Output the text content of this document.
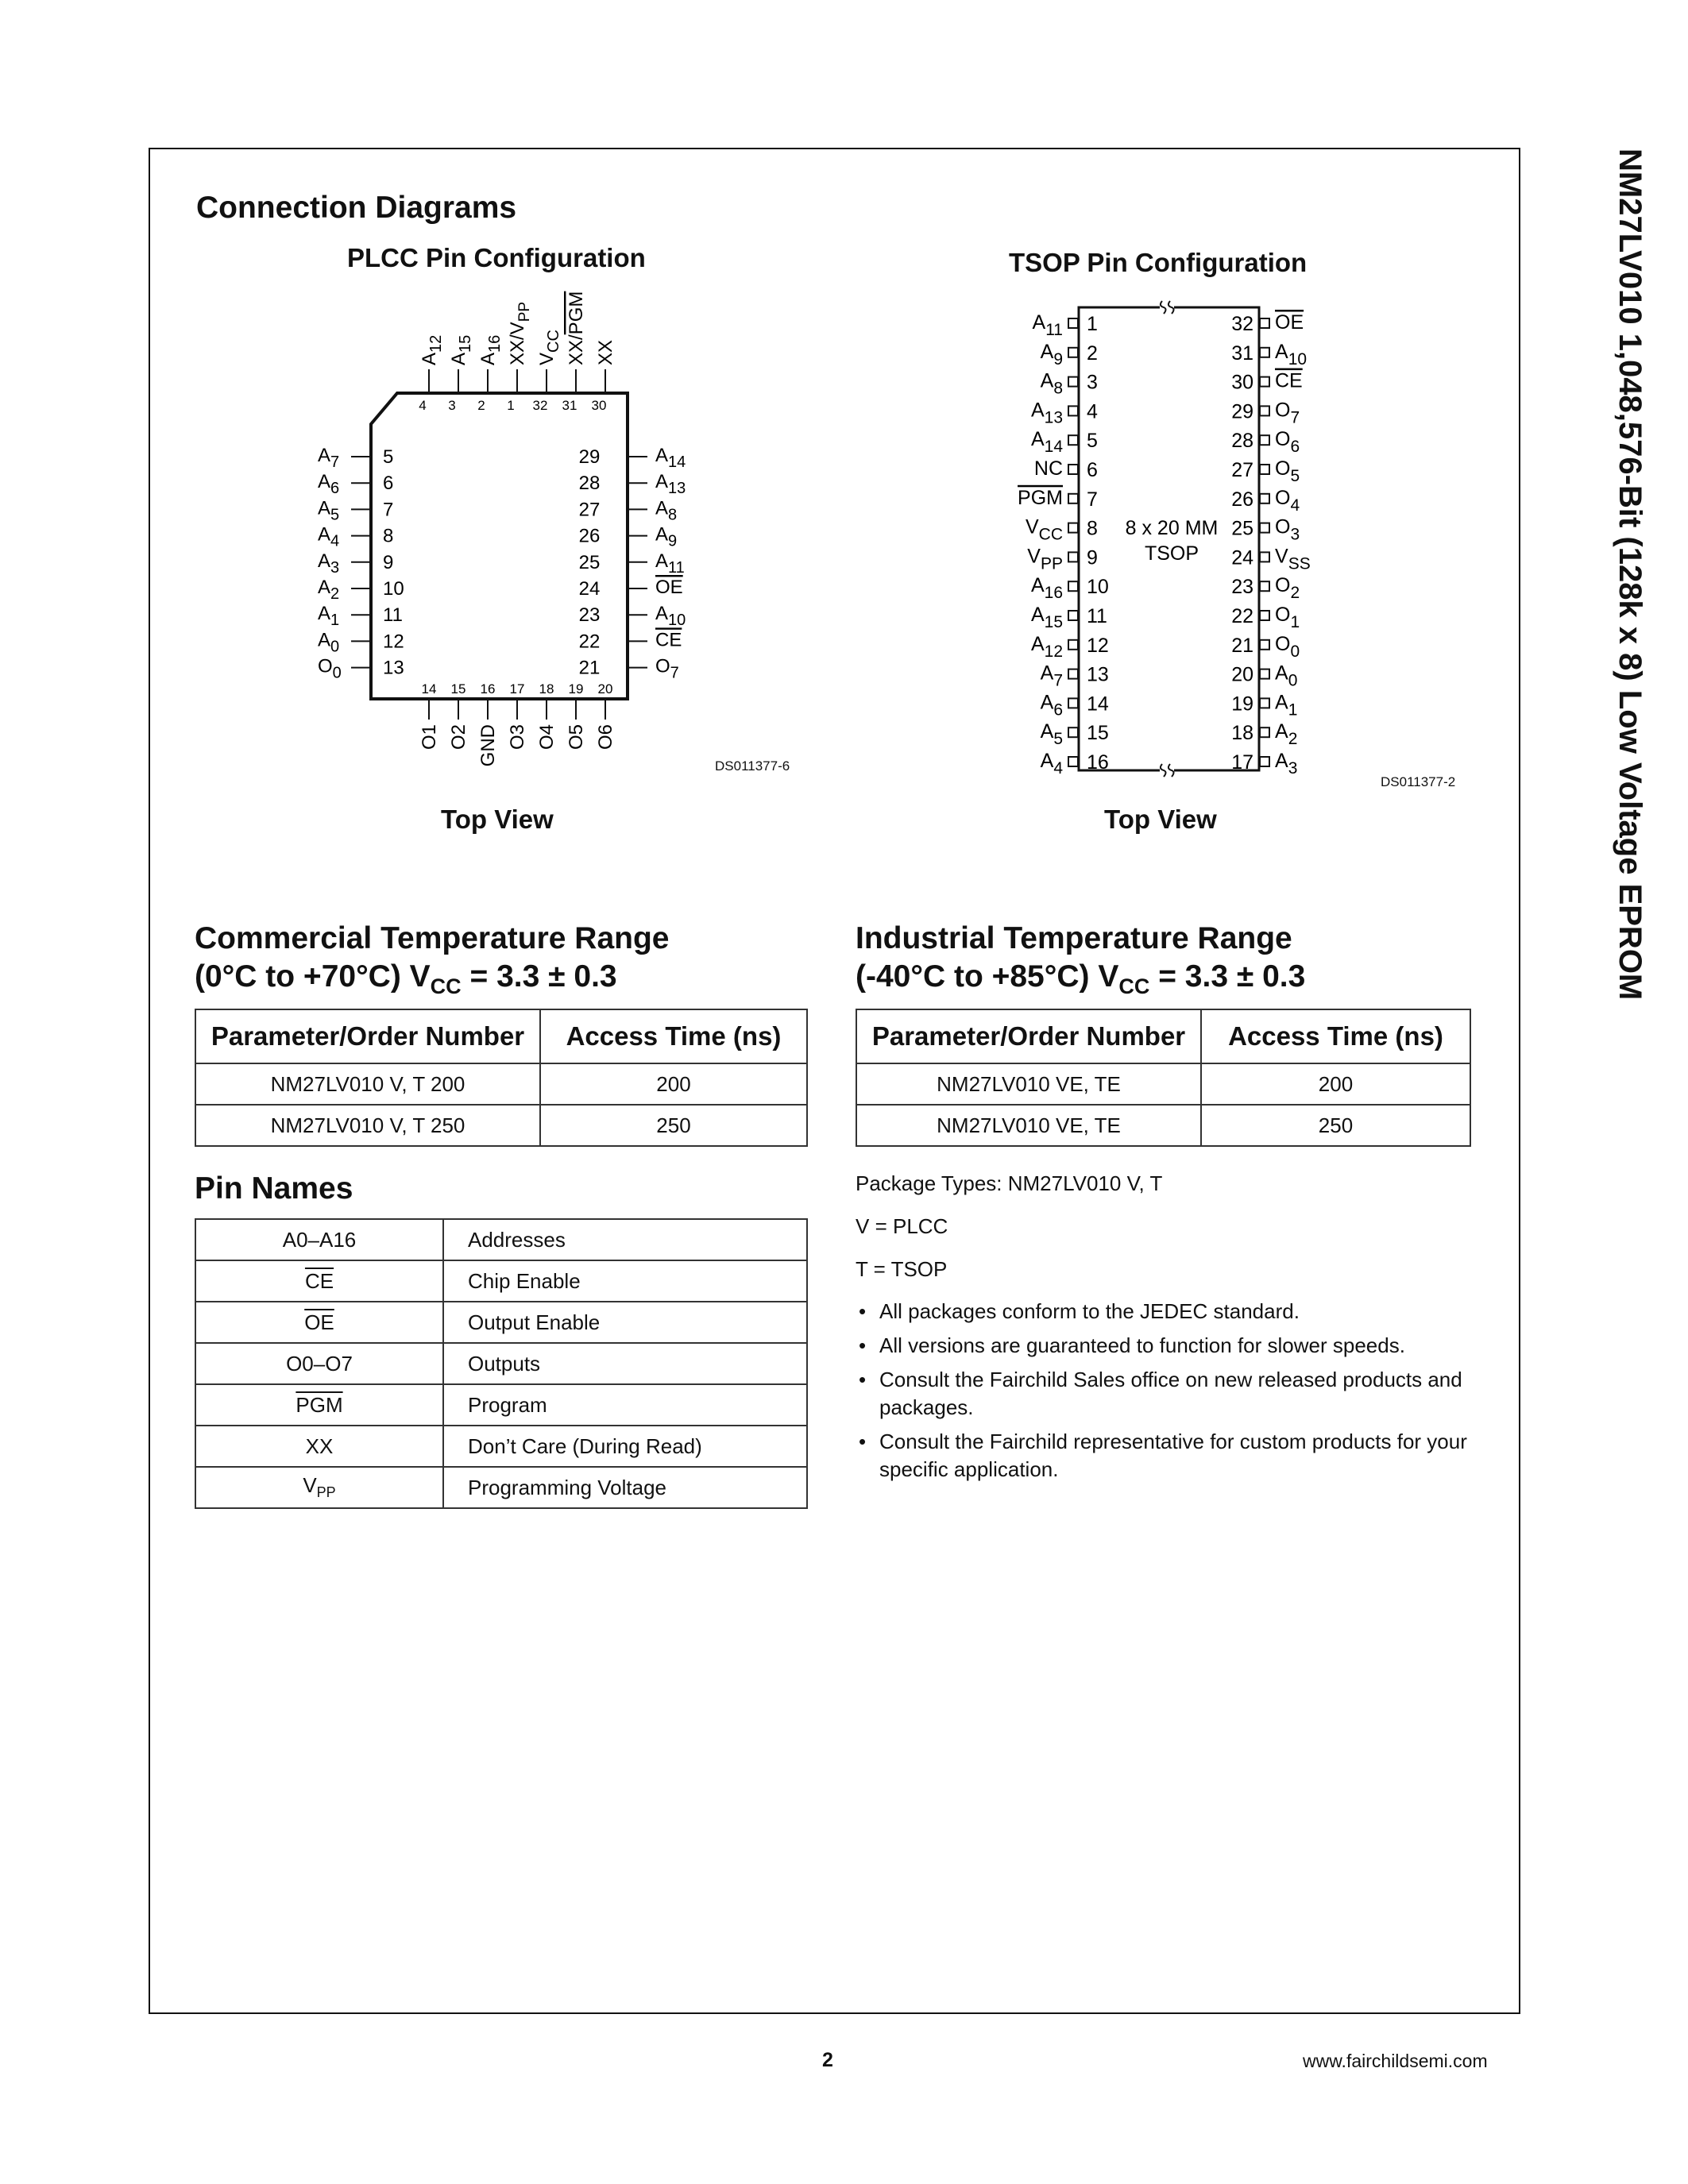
NM27LV010 1,048,576-Bit (128k x 8) Low Voltage EPROM
Connection Diagrams
PLCC Pin Configuration	TSOP Pin Configuration
4
$A_{12}$
3
$A_{15}$
2
$A_{16}$
1
$XX/V_{PP}$
32
$V_{CC}$
31
XX/PGM
30
XX
5
$A_7$
6
$A_6$
7
$A_5$
8
$A_4$
9
$A_3$
10
$A_2$
11
$A_1$
12
$A_0$
13
$O_0$
29	$A_{14}$
28	$A_{13}$
27	$A_8$
26	$A_9$
25	$A_{11}$
24	OE
23	$A_{10}$
22	CE
21	$O_7$
14
O1
15
O2
16
GND
17
O3
18
O4
19
O5
20
O6
DS011377-6
Top View
8 x 20 MM
TSOP
1
$A_{11}$
2
$A_9$
3
$A_8$
4
$A_{13}$
5
$A_{14}$
6
NC
7
PGM
8
$V_{CC}$
9
$V_{PP}$
10
$A_{16}$
11
$A_{15}$
12
$A_{12}$
13
$A_7$
14
$A_6$
15
$A_5$
16
$A_4$
32 OE
31 $A_{10}$
30 CE
29 $O_7$
28 $O_6$
27 $O_5$
26 $O_4$
25 $O_3$
24 $V_{SS}$
23 $O_2$
22 $O_1$
21 $O_0$
20 $A_0$
19 $A_1$
18 $A_2$
17 $A_3$
DS011377-2
Top View
Commercial Temperature Range
(0°C to +70°C) $V_{CC} = 3.3 \pm 0.3$
Parameter/Order Number	Access Time (ns)
NM27LV010 V, T 200	200
NM27LV010 V, T 250	250
Industrial Temperature Range
(-40°C to +85°C) $V_{CC} = 3.3 \pm 0.3$
Parameter/Order Number	Access Time (ns)
NM27LV010 VE, TE	200
NM27LV010 VE, TE	250
Pin Names
A0–A16	Addresses
$\overline{CE}$	Chip Enable
$\overline{OE}$	Output Enable
O0–O7	Outputs
$\overline{PGM}$	Program
XX	Don’t Care (During Read)
$V_{PP}$	Programming Voltage

Package Types: NM27LV010 V, T

V = PLCC

T = TSOP

• All packages conform to the JEDEC standard.
• All versions are guaranteed to function for slower speeds.
• Consult the Fairchild Sales office on new released products and packages.
• Consult the Fairchild representative for custom products for your specific application.
2	www.fairchildsemi.com
